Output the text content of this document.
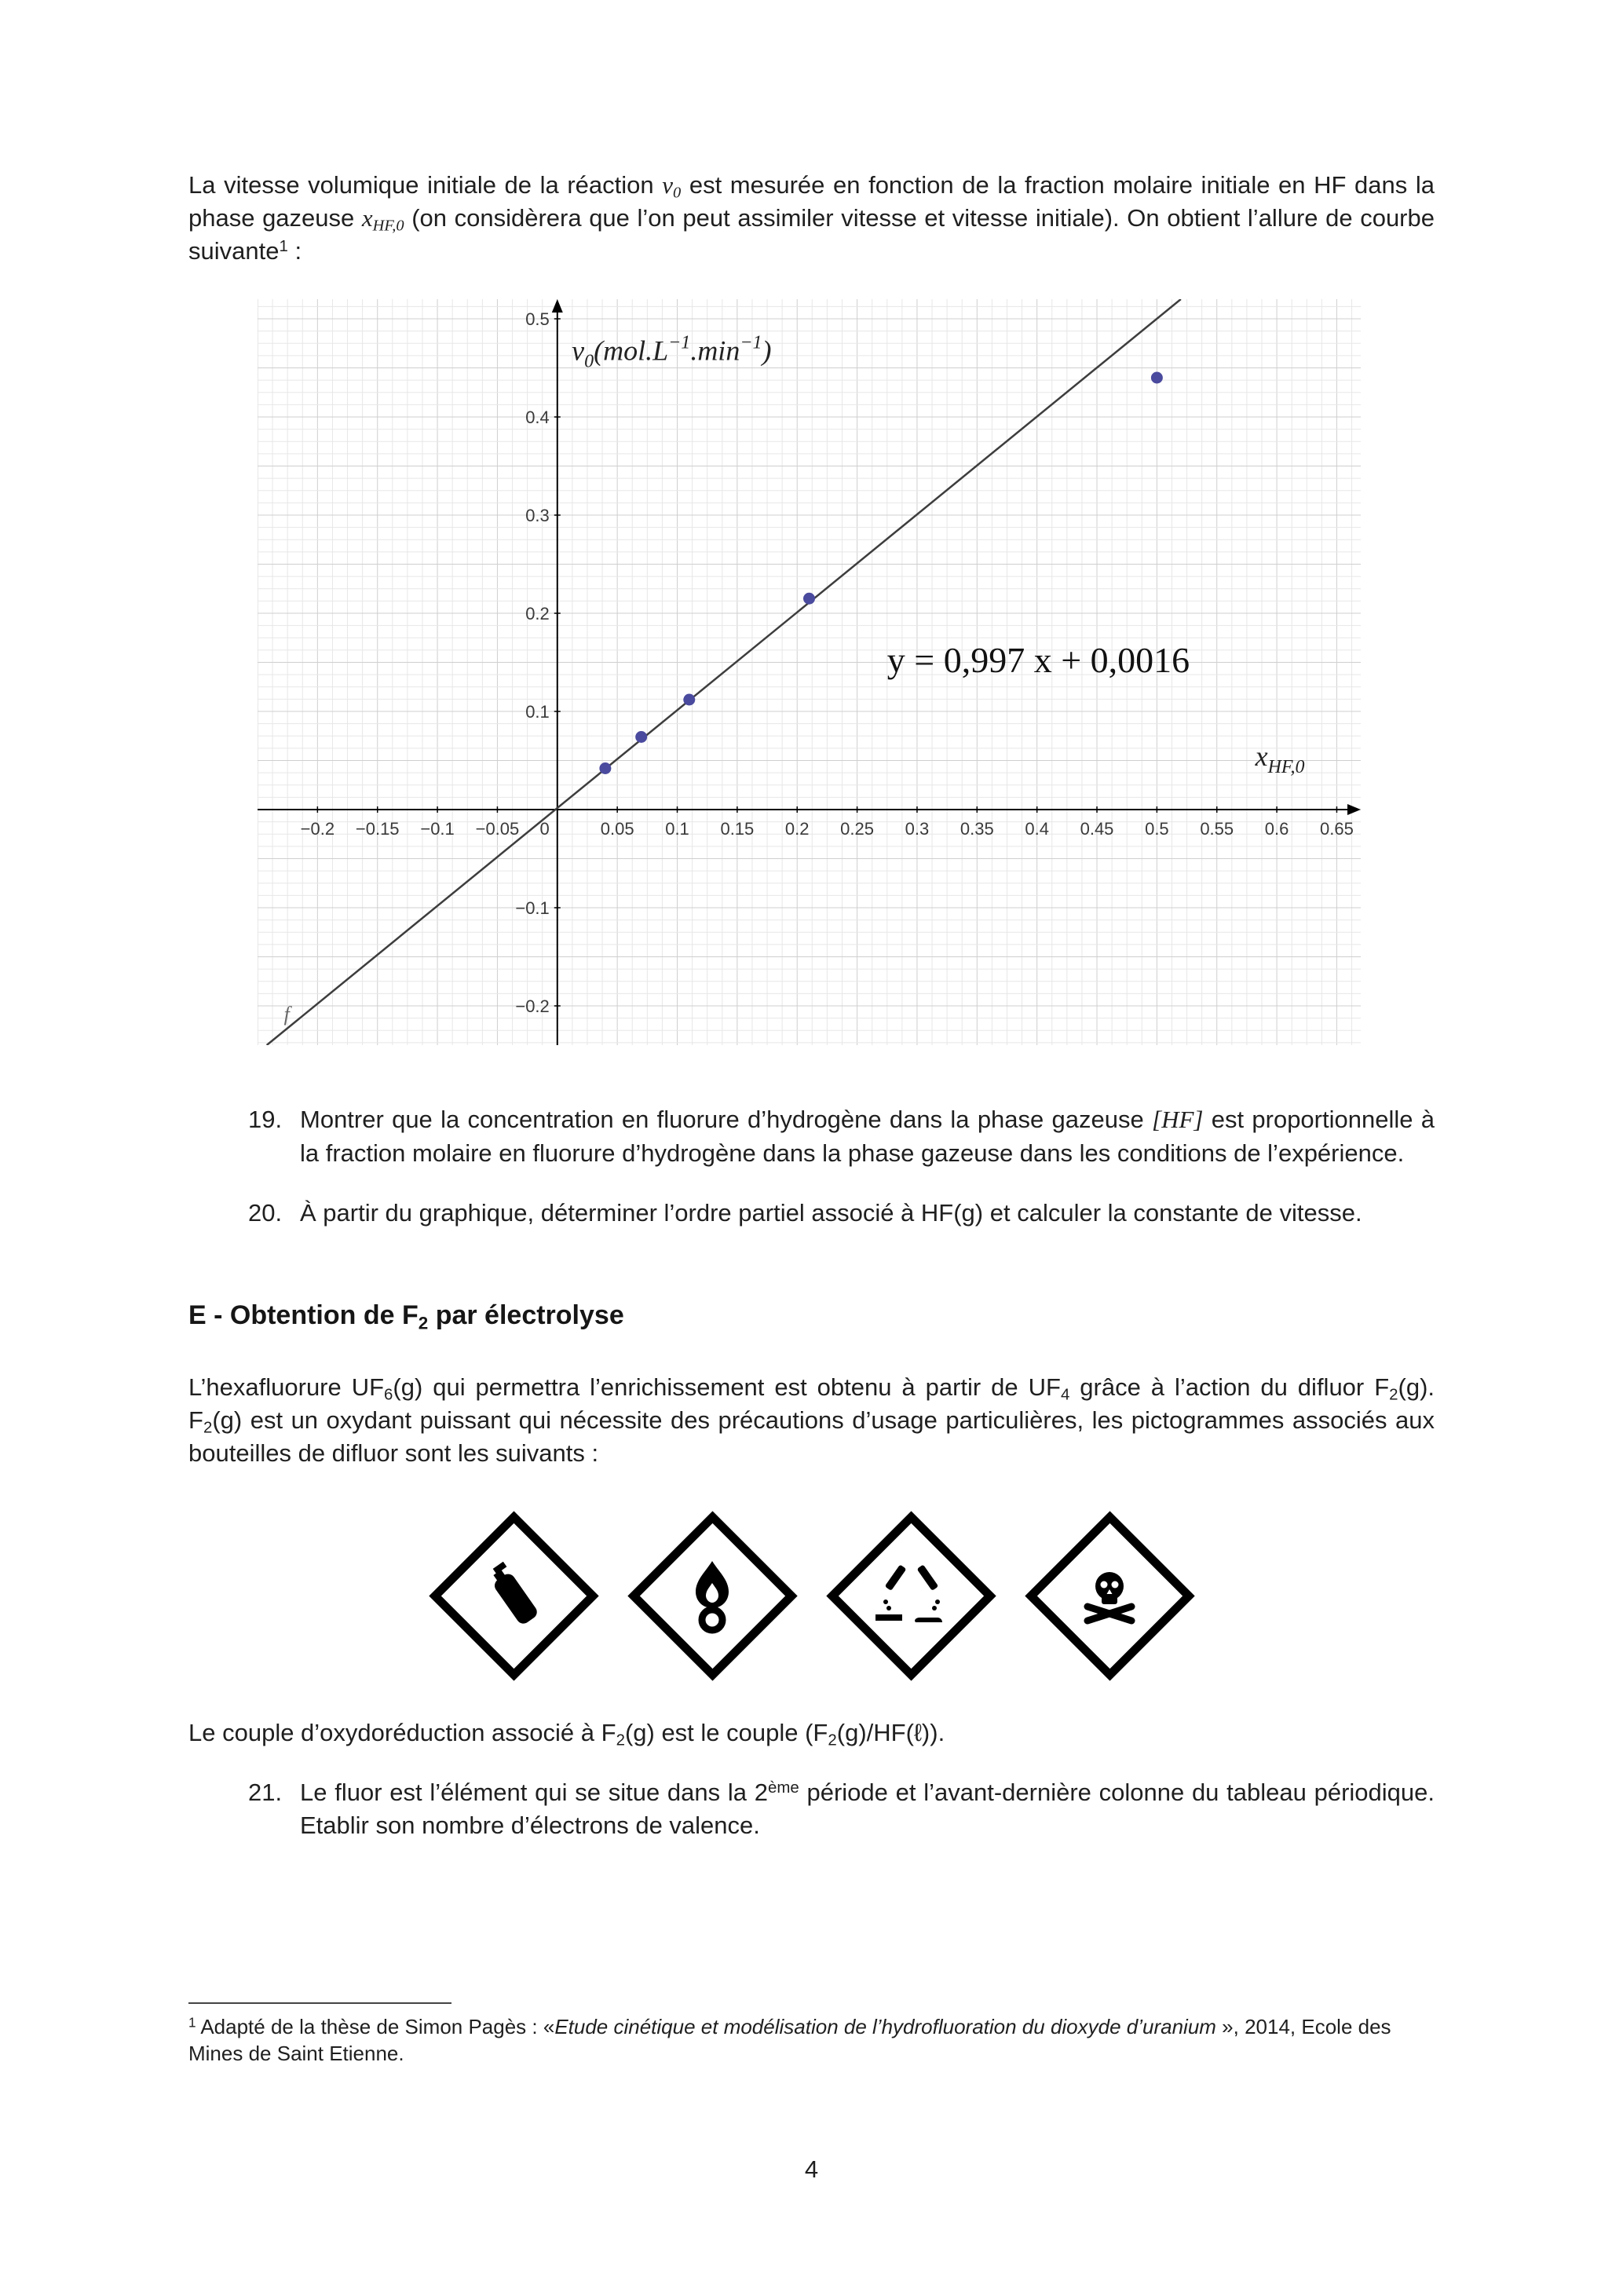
La vitesse volumique initiale de la réaction $v_0$ est mesurée en fonction de la fraction molaire initiale en HF dans la phase gazeuse $x_{HF,0}$ (on considèrera que l’on peut assimiler vitesse et vitesse initiale). On obtient l’allure de courbe suivante$^1$ :

−0.2 −0.15 −0.1 −0.05 0	0.05 0.1 0.15 0.2 0.25 0.3 0.35 0.4 0.45 0.5 0.55 0.6 0.65
−0.2
−0.1
0.1
0.2
0.3
0.4
0.5
f
y = 0,997 x + 0,0016
$v_0(mol.L^{-1}.\min^{-1})$
$x_{HF,0}$
19. Montrer que la concentration en fluorure d’hydrogène dans la phase gazeuse [HF] est proportionnelle à la fraction molaire en fluorure d’hydrogène dans la phase gazeuse dans les conditions de l’expérience.
20. À partir du graphique, déterminer l’ordre partiel associé à HF(g) et calculer la constante de vitesse.
E - Obtention de $F_2$ par électrolyse

L’hexafluorure $UF_6(g)$ qui permettra l’enrichissement est obtenu à partir de $UF_4$ grâce à l’action du difluor $F_2(g)$. $F_2(g)$ est un oxydant puissant qui nécessite des précautions d’usage particulières, les pictogrammes associés aux bouteilles de difluor sont les suivants :

Le couple d’oxydoréduction associé à $F_2(g)$ est le couple $(F_2(g)/HF(\ell))$.

21. Le fluor est l’élément qui se situe dans la 2ème période et l’avant-dernière colonne du tableau périodique. Etablir son nombre d’électrons de valence.
$^1$ Adapté de la thèse de Simon Pagès : «Etude cinétique et modélisation de l’hydrofluoration du dioxyde d’uranium », 2014, Ecole des Mines de Saint Etienne.
4
